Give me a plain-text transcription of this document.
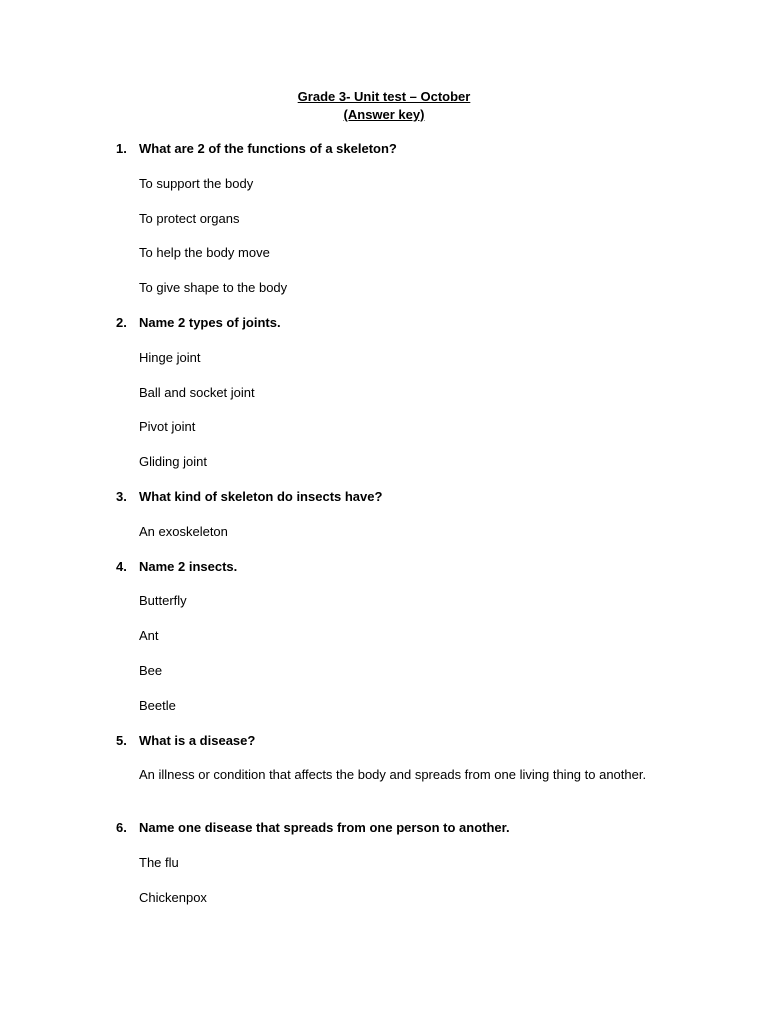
Grade 3- Unit test – October
(Answer key)
1. What are 2 of the functions of a skeleton?
To support the body
To protect organs
To help the body move
To give shape to the body
2. Name 2 types of joints.
Hinge joint
Ball and socket joint
Pivot joint
Gliding joint
3. What kind of skeleton do insects have?
An exoskeleton
4. Name 2 insects.
Butterfly
Ant
Bee
Beetle
5. What is a disease?
An illness or condition that affects the body and spreads from one living thing to another.
6. Name one disease that spreads from one person to another.
The flu
Chickenpox
